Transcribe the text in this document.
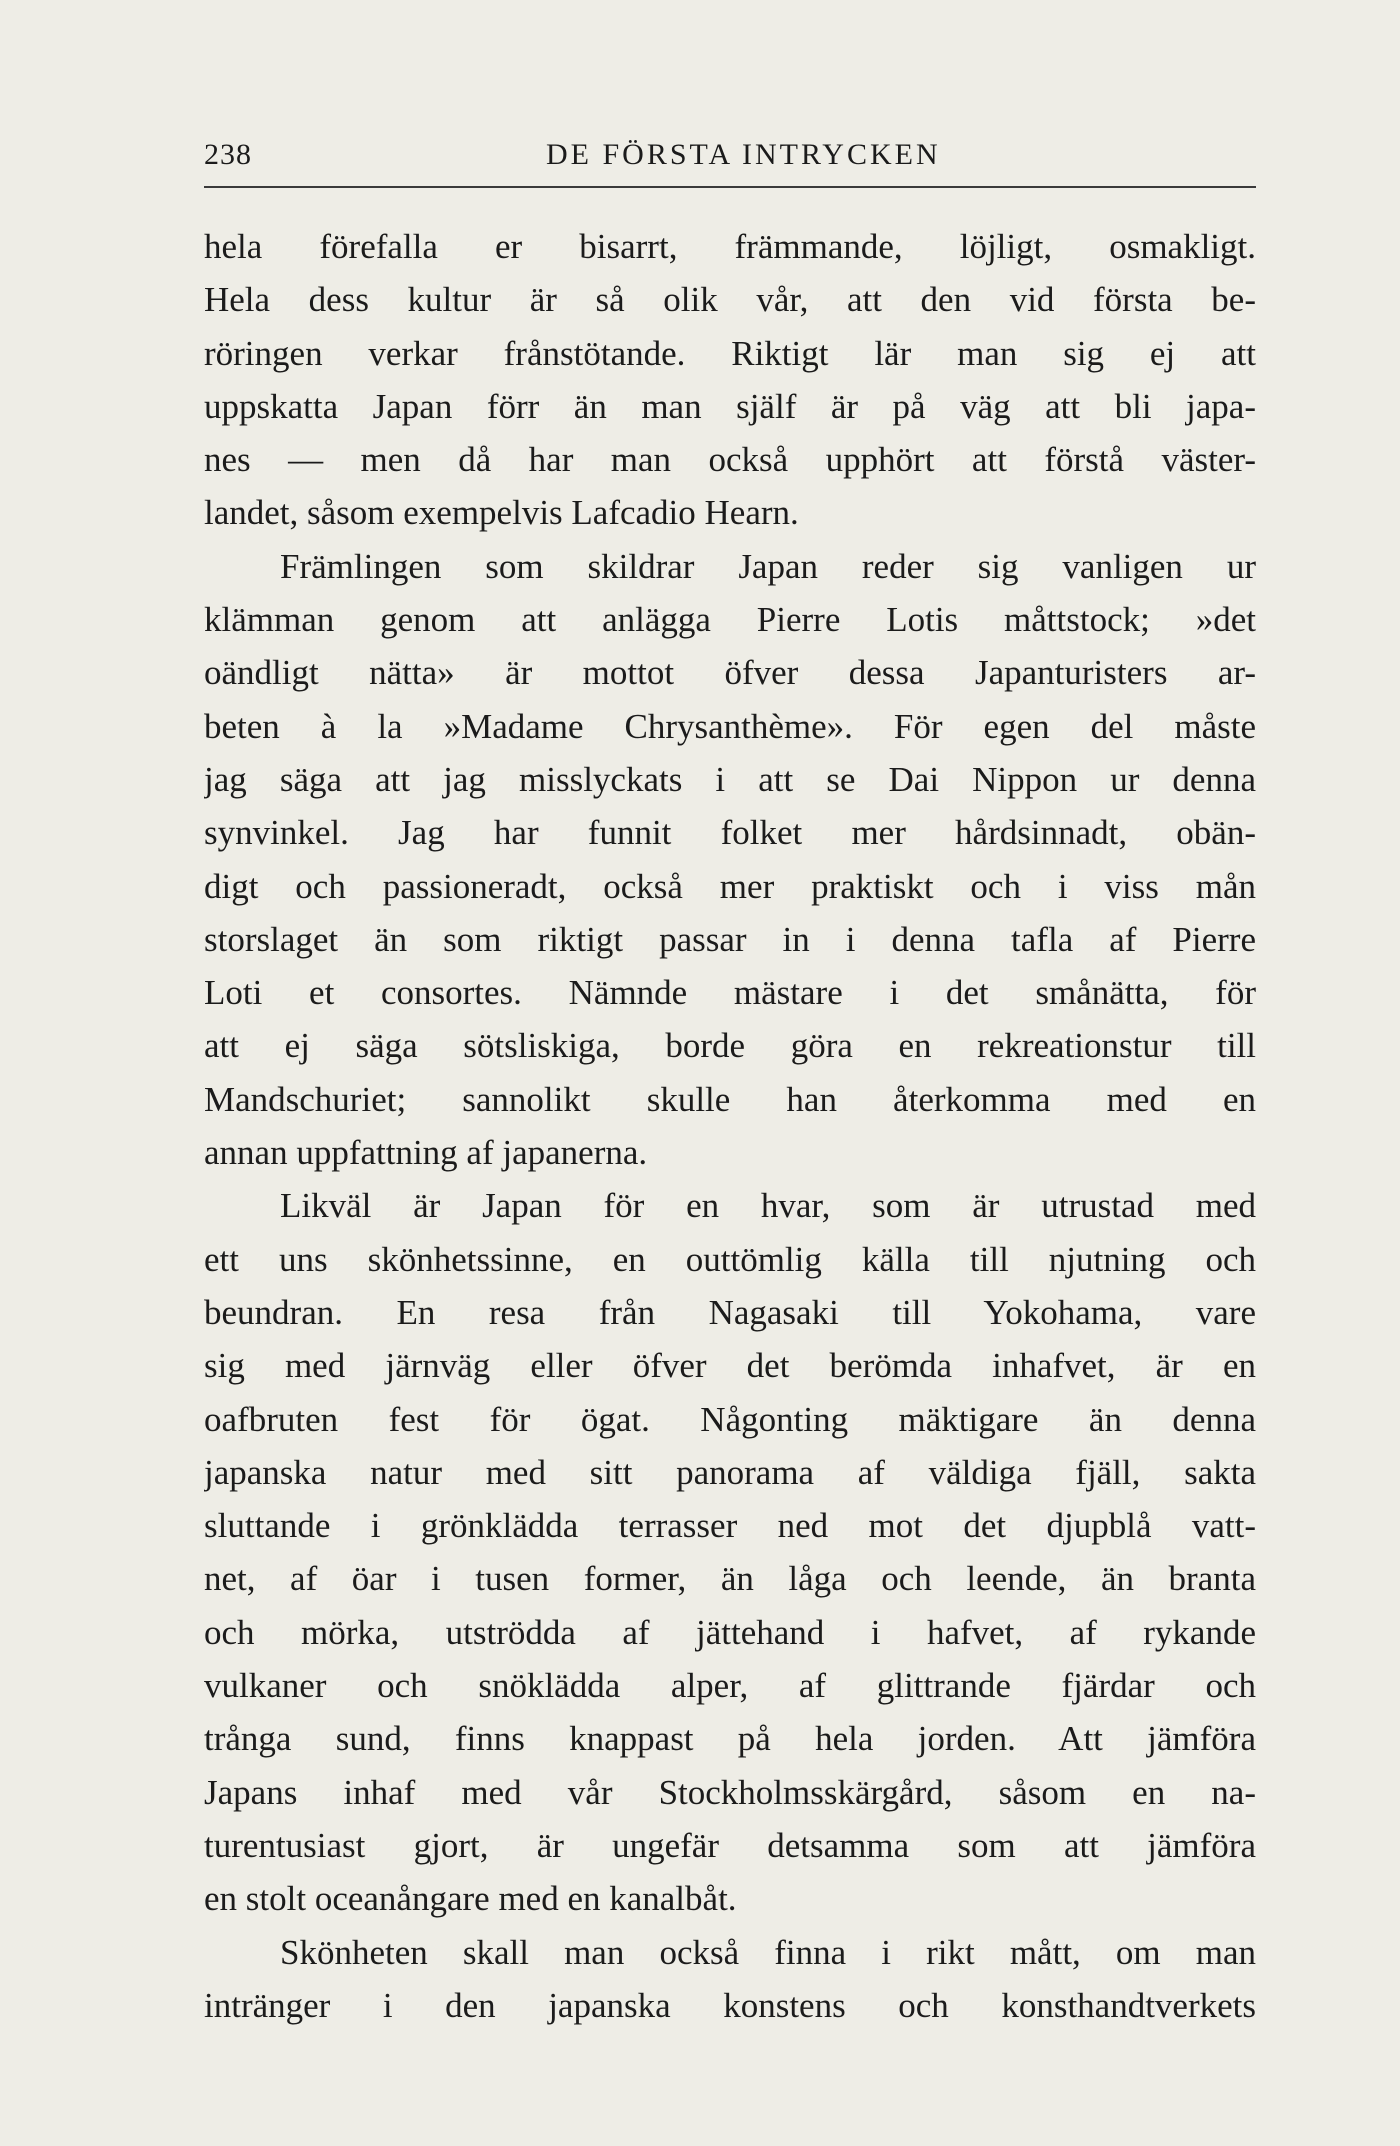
238	DE FÖRSTA INTRYCKEN
hela förefalla er bisarrt, främmande, löjligt, osmakligt.
Hela dess kultur är så olik vår, att den vid första be-
röringen verkar frånstötande. Riktigt lär man sig ej att
uppskatta Japan förr än man själf är på väg att bli japa-
nes — men då har man också upphört att förstå väster-
landet, såsom exempelvis Lafcadio Hearn.
Främlingen som skildrar Japan reder sig vanligen ur
klämman genom att anlägga Pierre Lotis måttstock; »det
oändligt nätta» är mottot öfver dessa Japanturisters ar-
beten à la »Madame Chrysanthème». För egen del måste
jag säga att jag misslyckats i att se Dai Nippon ur denna
synvinkel. Jag har funnit folket mer hårdsinnadt, obän-
digt och passioneradt, också mer praktiskt och i viss mån
storslaget än som riktigt passar in i denna tafla af Pierre
Loti et consortes. Nämnde mästare i det smånätta, för
att ej säga sötsliskiga, borde göra en rekreationstur till
Mandschuriet; sannolikt skulle han återkomma med en
annan uppfattning af japanerna.
Likväl är Japan för en hvar, som är utrustad med
ett uns skönhetssinne, en outtömlig källa till njutning och
beundran. En resa från Nagasaki till Yokohama, vare
sig med järnväg eller öfver det berömda inhafvet, är en
oafbruten fest för ögat. Någonting mäktigare än denna
japanska natur med sitt panorama af väldiga fjäll, sakta
sluttande i grönklädda terrasser ned mot det djupblå vatt-
net, af öar i tusen former, än låga och leende, än branta
och mörka, utströdda af jättehand i hafvet, af rykande
vulkaner och snöklädda alper, af glittrande fjärdar och
trånga sund, finns knappast på hela jorden. Att jämföra
Japans inhaf med vår Stockholmsskärgård, såsom en na-
turentusiast gjort, är ungefär detsamma som att jämföra
en stolt oceanångare med en kanalbåt.
Skönheten skall man också finna i rikt mått, om man
intränger i den japanska konstens och konsthandtverkets
